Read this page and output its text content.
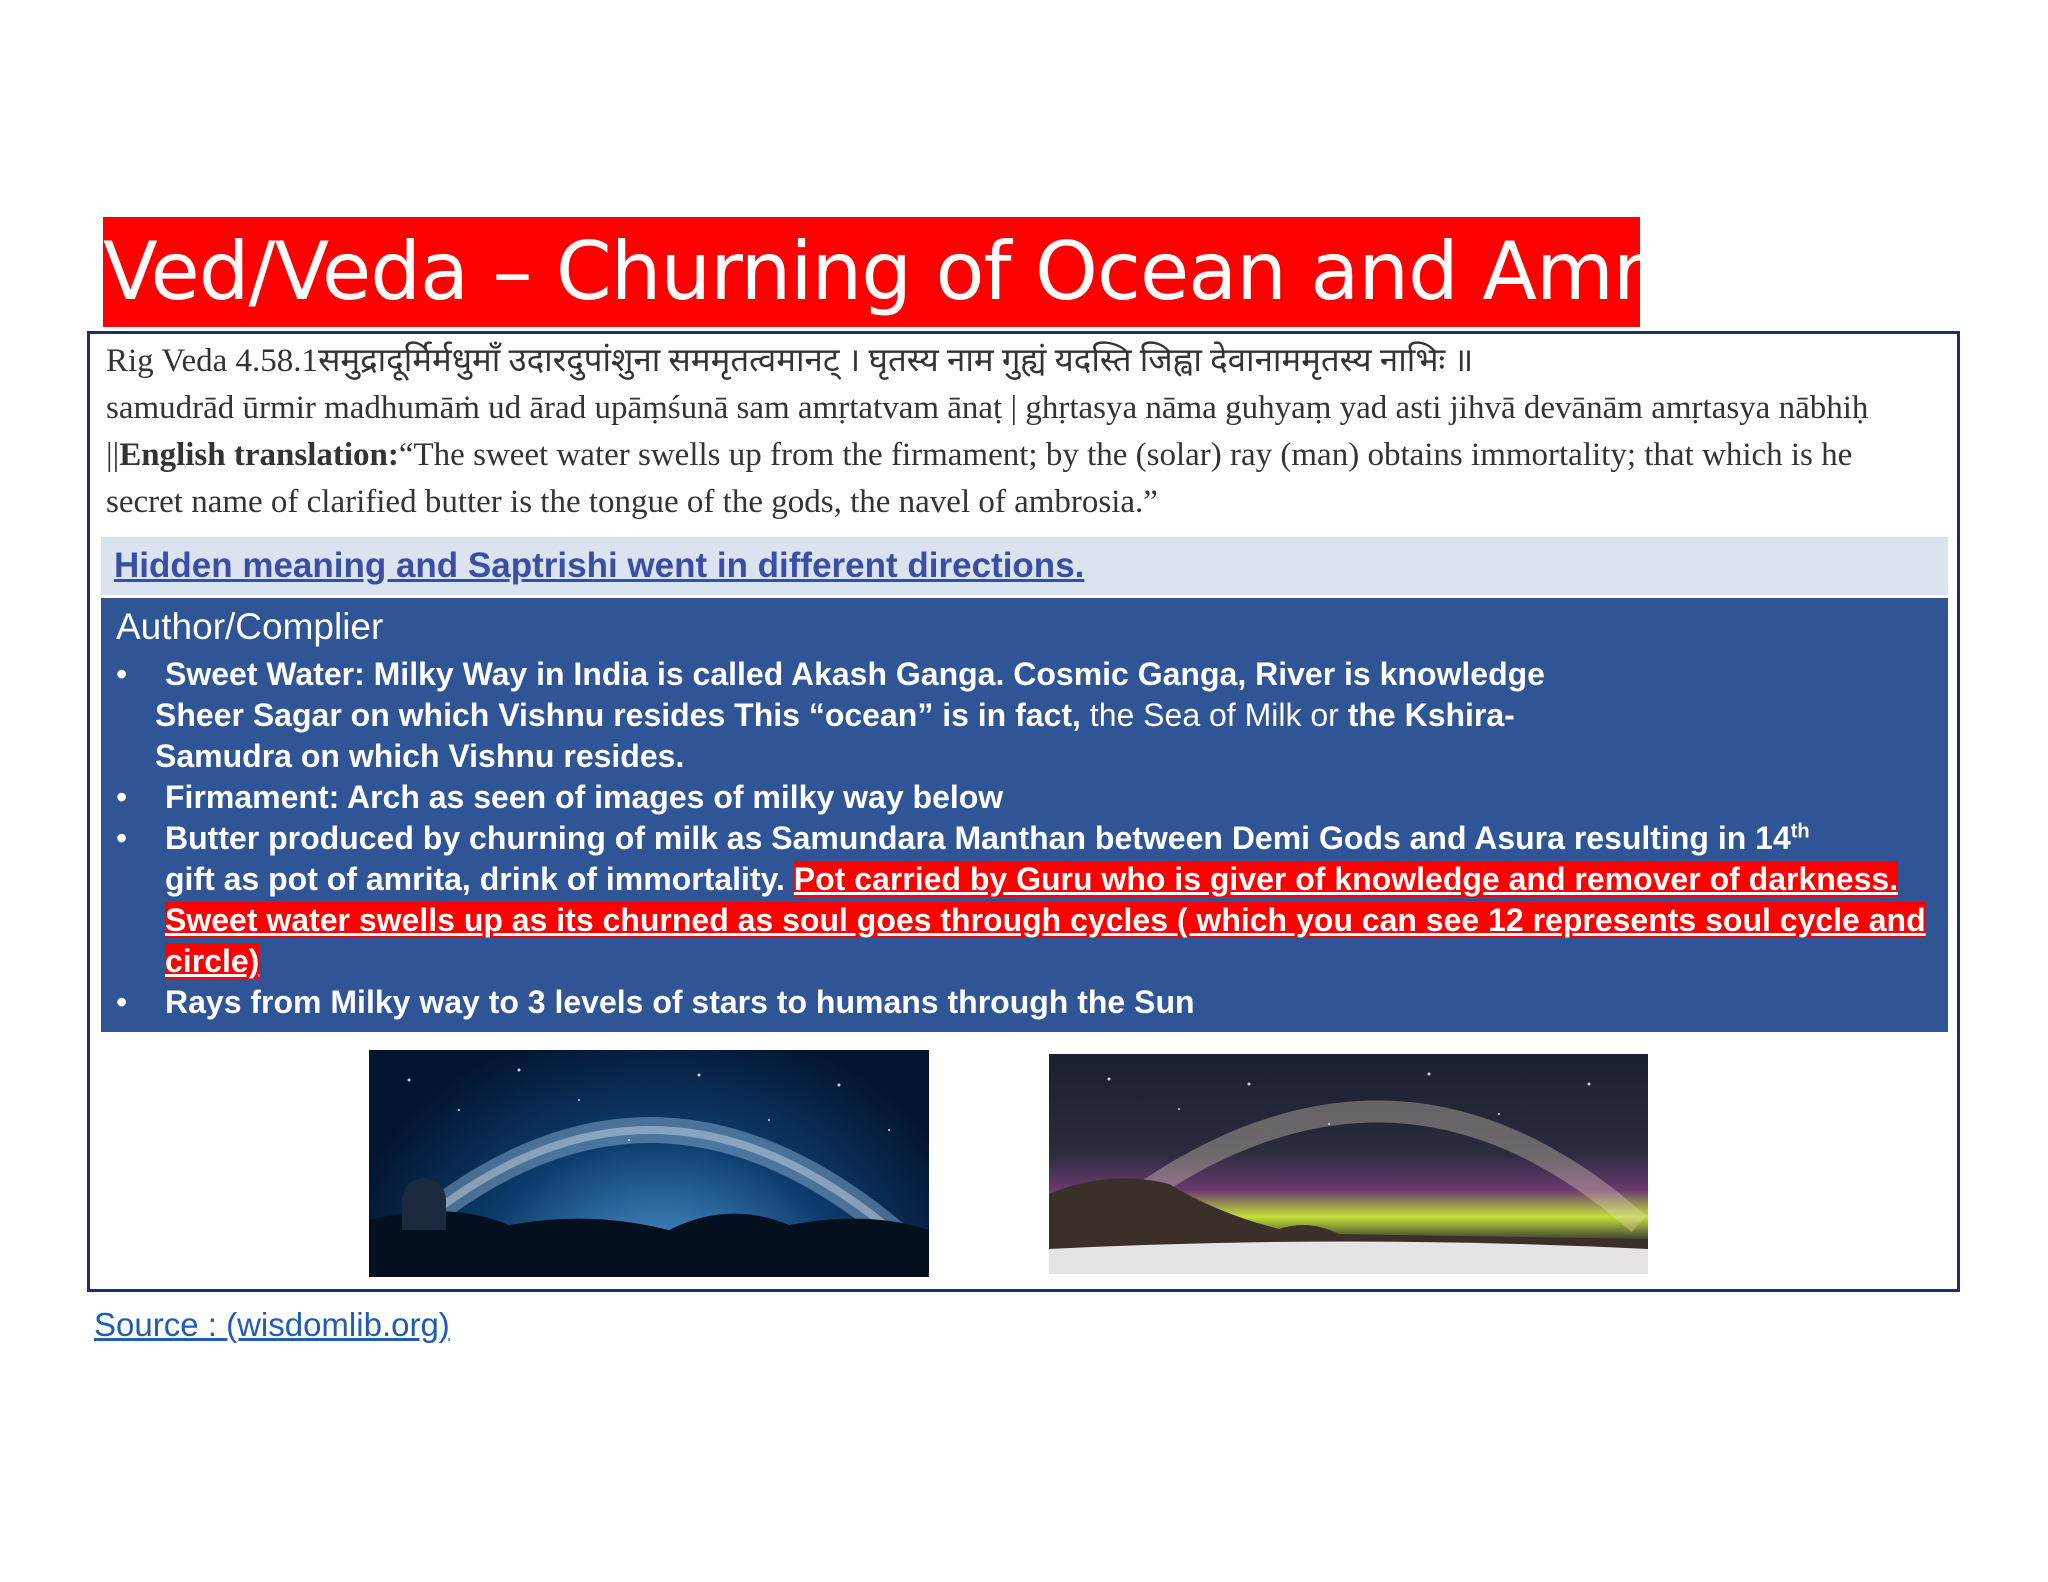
Ved/Veda – Churning of Ocean and Amrit
Rig Veda 4.58.1समुद्रादूर्मिर्मधुमाँ उदारदुपांशुना सममृतत्वमानट् । घृतस्य नाम गुह्यं यदस्ति जिह्वा देवानाममृतस्य नाभिः ॥
samudrād ūrmir madhumāṁ ud ārad upāṃśunā sam amṛtatvam ānaṭ | ghṛtasya nāma guhyaṃ yad asti jihvā devānām amṛtasya nābhiḥ ||English translation:“The sweet water swells up from the firmament; by the (solar) ray (man) obtains immortality; that which is he secret name of clarified butter is the tongue of the gods, the navel of ambrosia.”
Hidden meaning and Saptrishi went in different directions.
Author/Complier
• Sweet Water: Milky Way in India is called Akash Ganga. Cosmic Ganga, River is knowledge
Sheer Sagar on which Vishnu resides This “ocean” is in fact, the Sea of Milk or the Kshira-
Samudra on which Vishnu resides.
• Firmament: Arch as seen of images of milky way below
• Butter produced by churning of milk as Samundara Manthan between Demi Gods and Asura resulting in 14th
gift as pot of amrita, drink of immortality. Pot carried by Guru who is giver of knowledge and remover of darkness. Sweet water swells up as its churned as soul goes through cycles ( which you can see 12 represents soul cycle and circle)
• Rays from Milky way to 3 levels of stars to humans through the Sun
Source : (wisdomlib.org)
